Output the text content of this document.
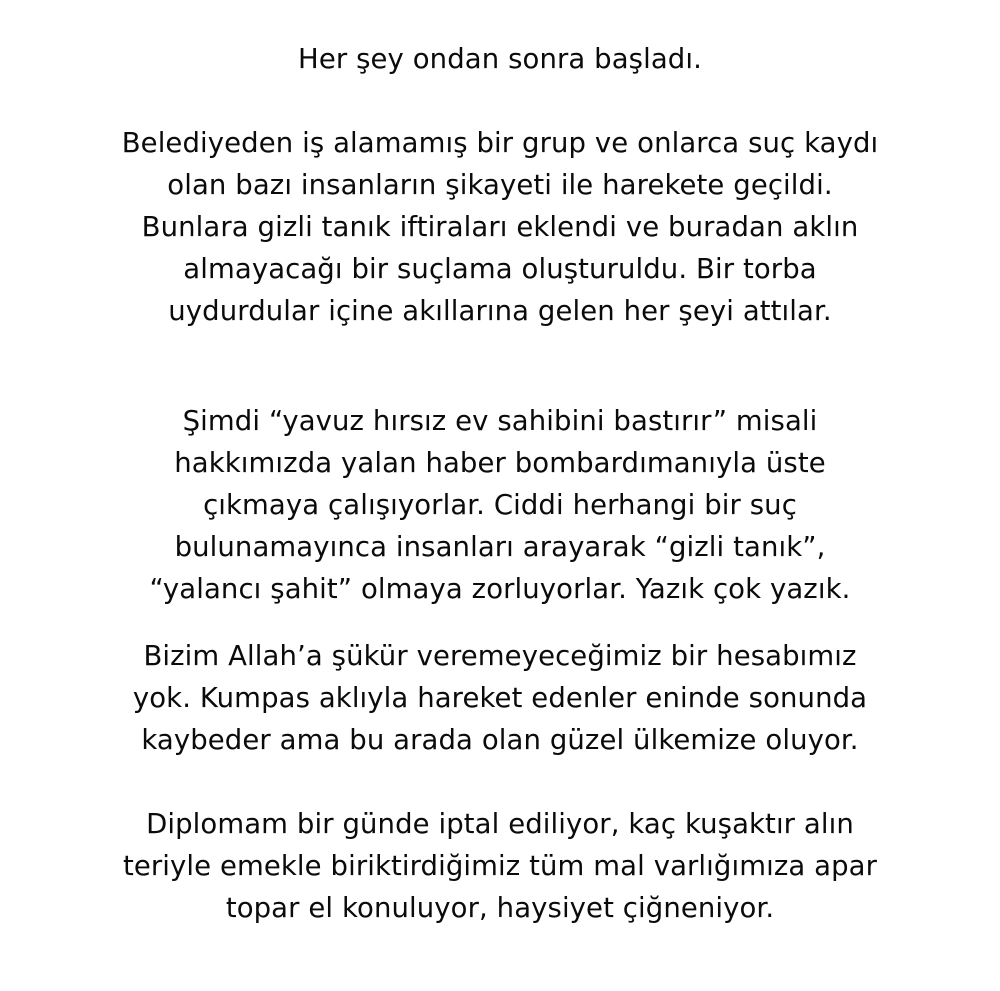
Her şey ondan sonra başladı.

Belediyeden iş alamamış bir grup ve onlarca suç kaydı
olan bazı insanların şikayeti ile harekete geçildi.
Bunlara gizli tanık iftiraları eklendi ve buradan aklın
almayacağı bir suçlama oluşturuldu. Bir torba
uydurdular içine akıllarına gelen her şeyi attılar.

Şimdi “yavuz hırsız ev sahibini bastırır” misali
hakkımızda yalan haber bombardımanıyla üste
çıkmaya çalışıyorlar. Ciddi herhangi bir suç
bulunamayınca insanları arayarak “gizli tanık”,
“yalancı şahit” olmaya zorluyorlar. Yazık çok yazık.

Bizim Allah’a şükür veremeyeceğimiz bir hesabımız
yok. Kumpas aklıyla hareket edenler eninde sonunda
kaybeder ama bu arada olan güzel ülkemize oluyor.

Diplomam bir günde iptal ediliyor, kaç kuşaktır alın
teriyle emekle biriktirdiğimiz tüm mal varlığımıza apar
topar el konuluyor, haysiyet çiğneniyor.
